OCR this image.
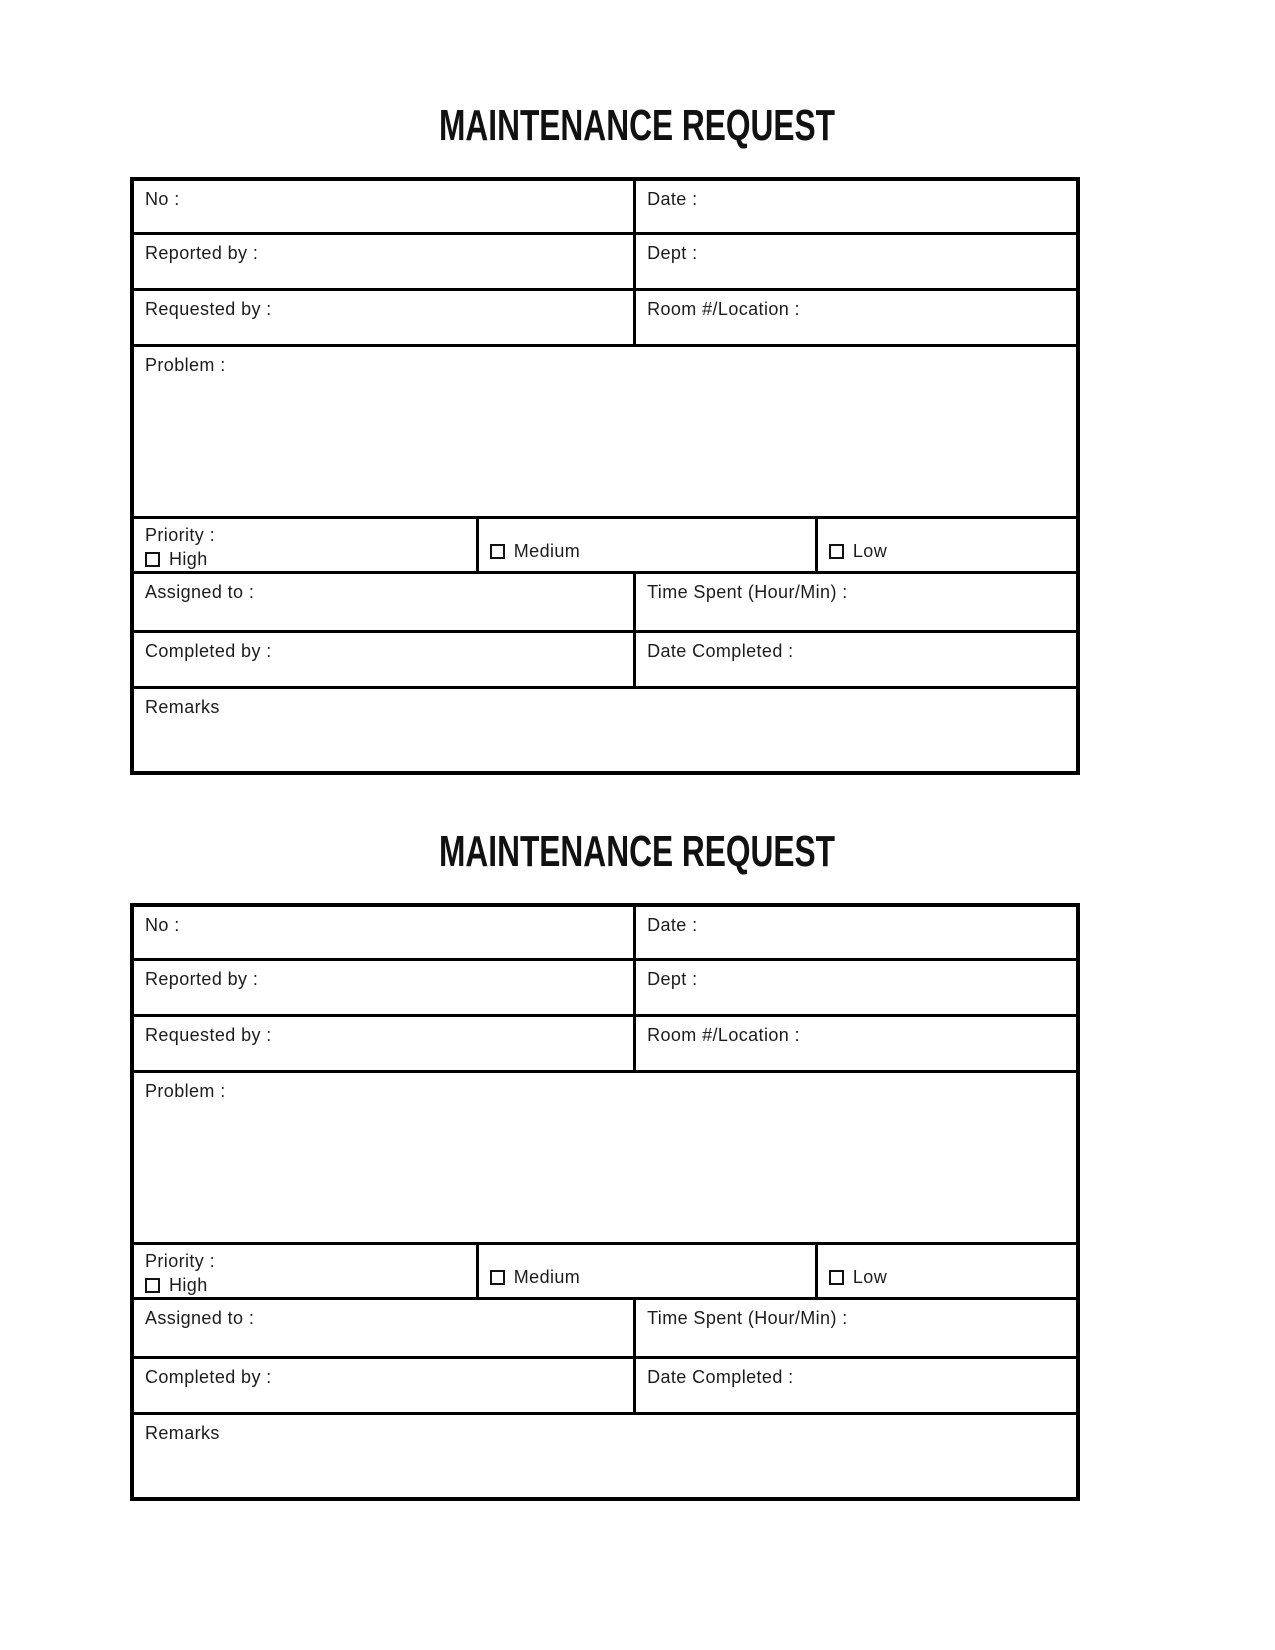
MAINTENANCE REQUEST
No :	Date :
Reported by :	Dept :
Requested by :	Room #/Location :
Problem :
Priority :
High	Medium	Low
Assigned to :	Time Spent (Hour/Min) :
Completed by :	Date Completed :
Remarks
MAINTENANCE REQUEST
No :	Date :
Reported by :	Dept :
Requested by :	Room #/Location :
Problem :
Priority :
High	Medium	Low
Assigned to :	Time Spent (Hour/Min) :
Completed by :	Date Completed :
Remarks
